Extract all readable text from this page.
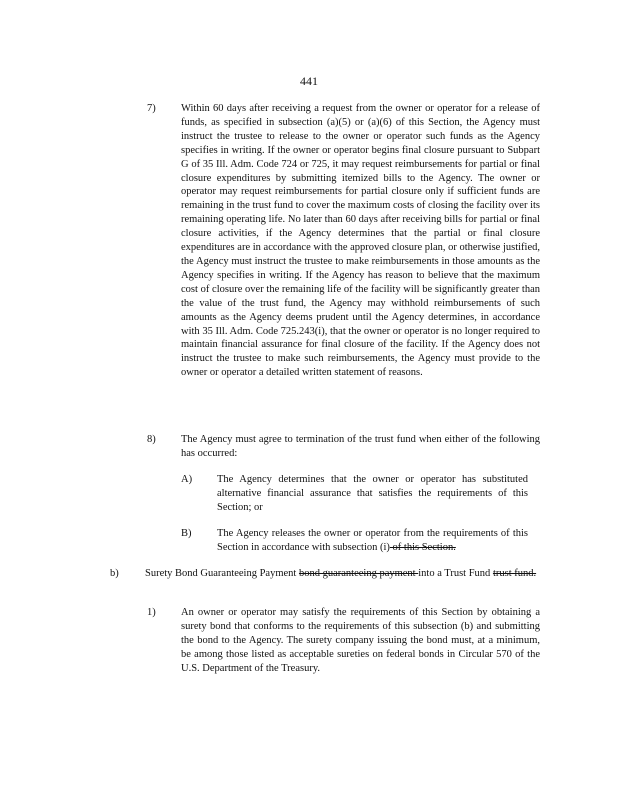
441
7) Within 60 days after receiving a request from the owner or operator for a release of funds, as specified in subsection (a)(5) or (a)(6) of this Section, the Agency must instruct the trustee to release to the owner or operator such funds as the Agency specifies in writing. If the owner or operator begins final closure pursuant to Subpart G of 35 Ill. Adm. Code 724 or 725, it may request reimbursements for partial or final closure expenditures by submitting itemized bills to the Agency. The owner or operator may request reimbursements for partial closure only if sufficient funds are remaining in the trust fund to cover the maximum costs of closing the facility over its remaining operating life. No later than 60 days after receiving bills for partial or final closure activities, if the Agency determines that the partial or final closure expenditures are in accordance with the approved closure plan, or otherwise justified, the Agency must instruct the trustee to make reimbursements in those amounts as the Agency specifies in writing. If the Agency has reason to believe that the maximum cost of closure over the remaining life of the facility will be significantly greater than the value of the trust fund, the Agency may withhold reimbursements of such amounts as the Agency deems prudent until the Agency determines, in accordance with 35 Ill. Adm. Code 725.243(i), that the owner or operator is no longer required to maintain financial assurance for final closure of the facility. If the Agency does not instruct the trustee to make such reimbursements, the Agency must provide to the owner or operator a detailed written statement of reasons.
8) The Agency must agree to termination of the trust fund when either of the following has occurred:
A) The Agency determines that the owner or operator has substituted alternative financial assurance that satisfies the requirements of this Section; or
B) The Agency releases the owner or operator from the requirements of this Section in accordance with subsection (i) of this Section.
b)	Surety Bond Guaranteeing Payment bond guaranteeing payment into a Trust Fund trust fund.
1) An owner or operator may satisfy the requirements of this Section by obtaining a surety bond that conforms to the requirements of this subsection (b) and submitting the bond to the Agency. The surety company issuing the bond must, at a minimum, be among those listed as acceptable sureties on federal bonds in Circular 570 of the U.S. Department of the Treasury.
